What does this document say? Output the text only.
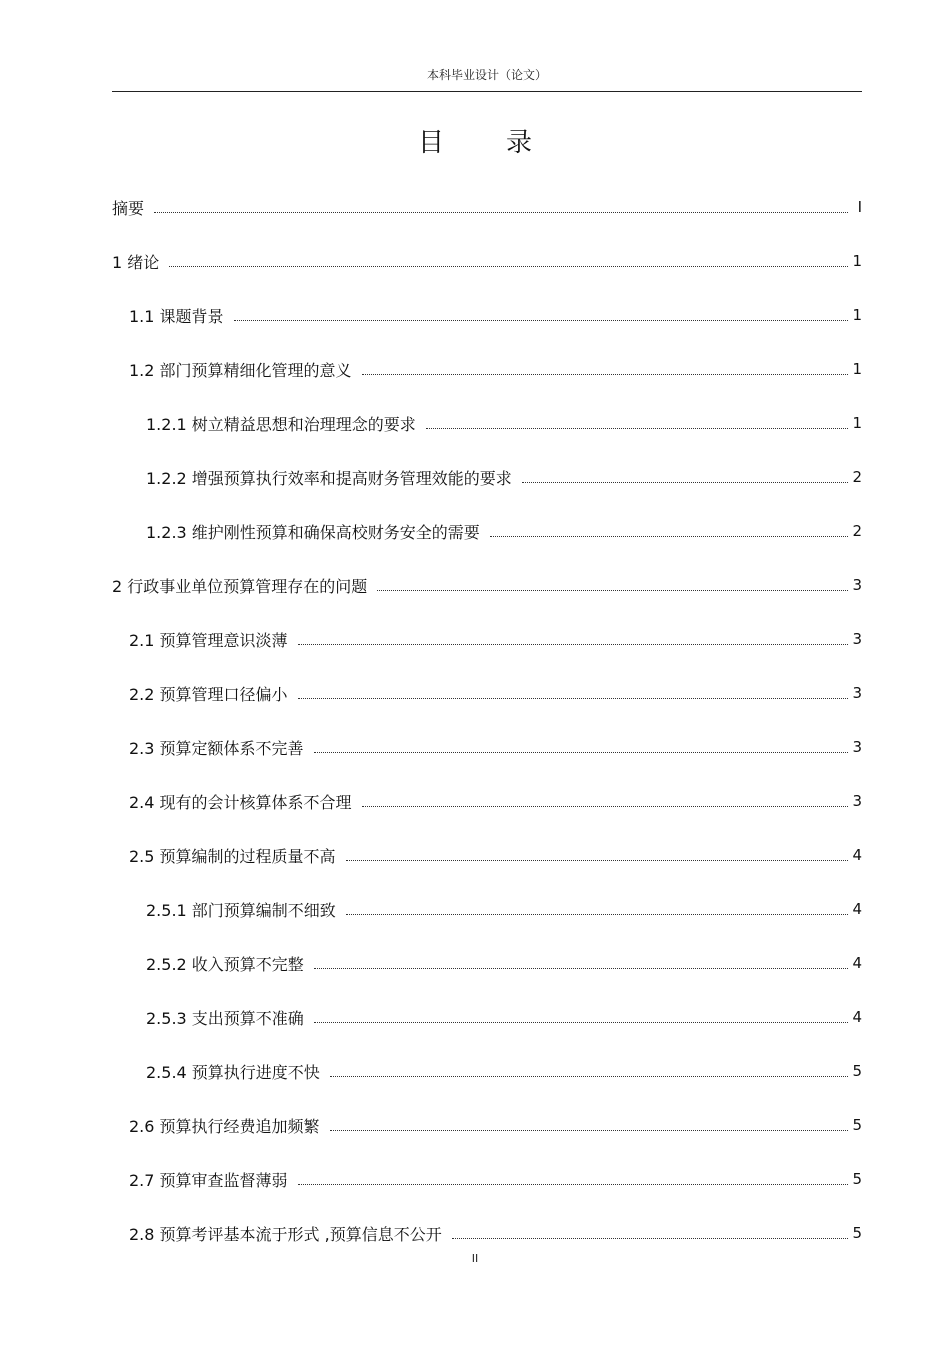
本科毕业设计（论文）
目录
摘要	I
1 绪论	1
1.1 课题背景	1
1.2 部门预算精细化管理的意义	1
1.2.1 树立精益思想和治理理念的要求	1
1.2.2 增强预算执行效率和提高财务管理效能的要求	2
1.2.3 维护刚性预算和确保高校财务安全的需要	2
2 行政事业单位预算管理存在的问题	3
2.1 预算管理意识淡薄	3
2.2 预算管理口径偏小	3
2.3 预算定额体系不完善	3
2.4 现有的会计核算体系不合理	3
2.5 预算编制的过程质量不高	4
2.5.1 部门预算编制不细致	4
2.5.2 收入预算不完整	4
2.5.3 支出预算不准确	4
2.5.4 预算执行进度不快	5
2.6 预算执行经费追加频繁	5
2.7 预算审查监督薄弱	5
2.8 预算考评基本流于形式 ,预算信息不公开	5
II
